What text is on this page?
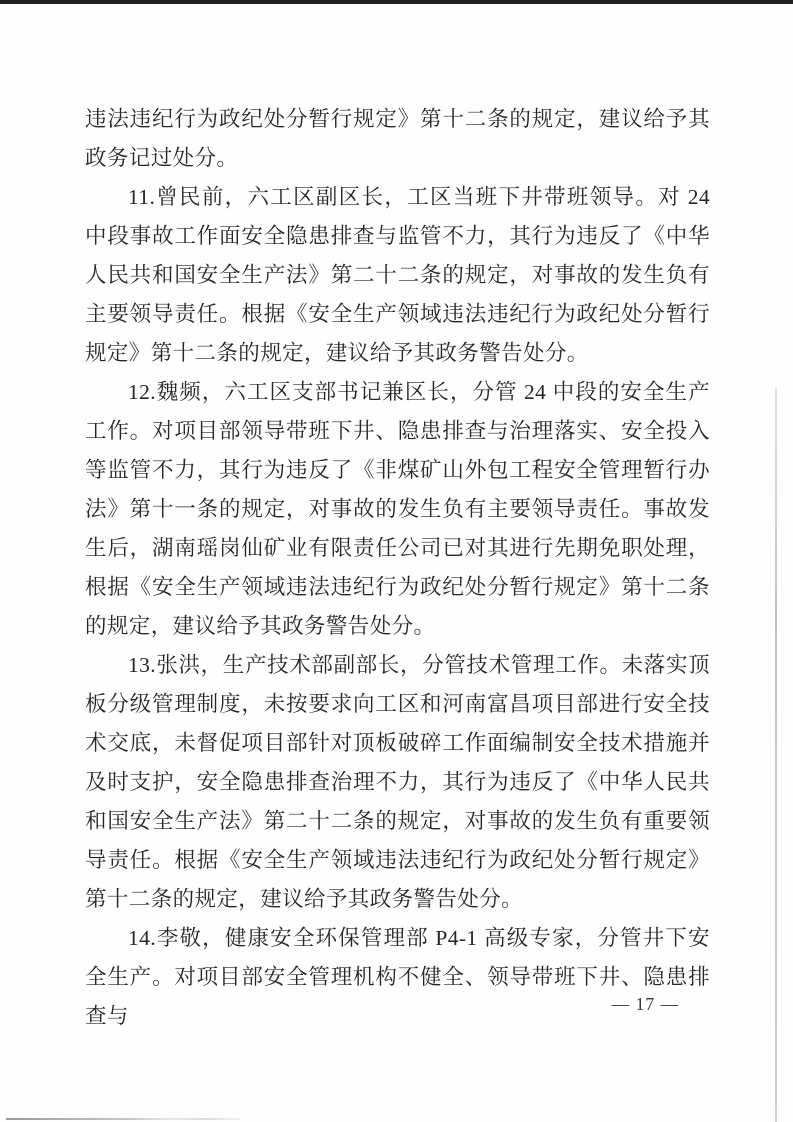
违法违纪行为政纪处分暂行规定》第十二条的规定，建议给予其政务记过处分。

11.曾民前，六工区副区长，工区当班下井带班领导。对 24 中段事故工作面安全隐患排查与监管不力，其行为违反了《中华人民共和国安全生产法》第二十二条的规定，对事故的发生负有主要领导责任。根据《安全生产领域违法违纪行为政纪处分暂行规定》第十二条的规定，建议给予其政务警告处分。

12.魏频，六工区支部书记兼区长，分管 24 中段的安全生产工作。对项目部领导带班下井、隐患排查与治理落实、安全投入等监管不力，其行为违反了《非煤矿山外包工程安全管理暂行办法》第十一条的规定，对事故的发生负有主要领导责任。事故发生后，湖南瑶岗仙矿业有限责任公司已对其进行先期免职处理，根据《安全生产领域违法违纪行为政纪处分暂行规定》第十二条的规定，建议给予其政务警告处分。

13.张洪，生产技术部副部长，分管技术管理工作。未落实顶板分级管理制度，未按要求向工区和河南富昌项目部进行安全技术交底，未督促项目部针对顶板破碎工作面编制安全技术措施并及时支护，安全隐患排查治理不力，其行为违反了《中华人民共和国安全生产法》第二十二条的规定，对事故的发生负有重要领导责任。根据《安全生产领域违法违纪行为政纪处分暂行规定》第十二条的规定，建议给予其政务警告处分。

14.李敬，健康安全环保管理部 P4-1 高级专家，分管井下安全生产。对项目部安全管理机构不健全、领导带班下井、隐患排查与	— 17 —
